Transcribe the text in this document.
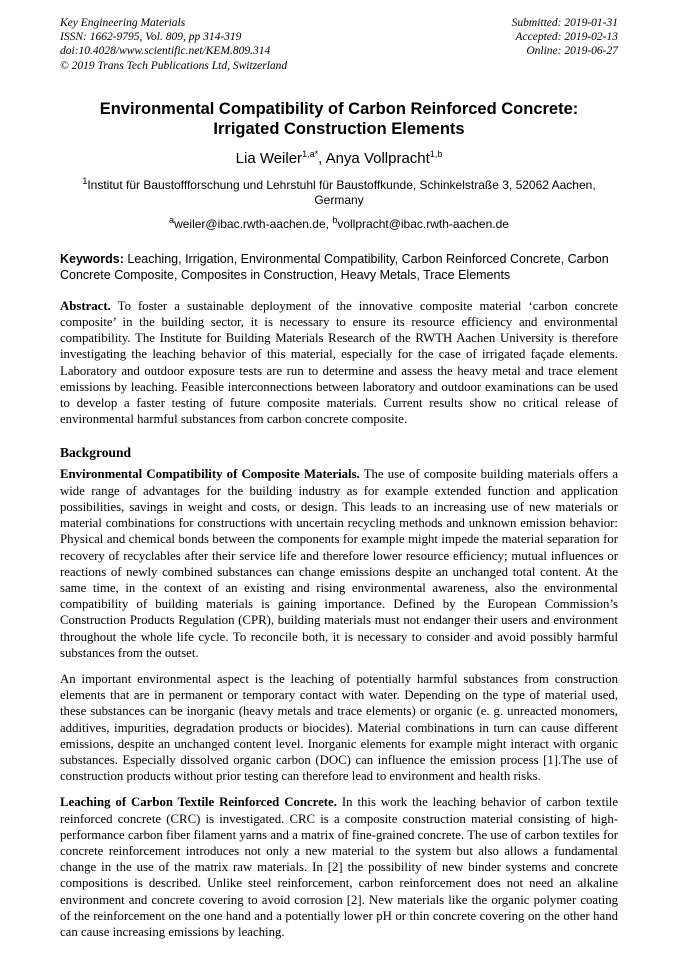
Key Engineering Materials
ISSN: 1662-9795, Vol. 809, pp 314-319
doi:10.4028/www.scientific.net/KEM.809.314
© 2019 Trans Tech Publications Ltd, Switzerland
Submitted: 2019-01-31
Accepted: 2019-02-13
Online: 2019-06-27
Environmental Compatibility of Carbon Reinforced Concrete:
Irrigated Construction Elements
Lia Weiler$^{1,a*}$, Anya Vollpracht$^{1,b}$
$^1$Institut für Baustoffforschung und Lehrstuhl für Baustoffkunde, Schinkelstraße 3, 52062 Aachen, Germany
$^a$weiler@ibac.rwth-aachen.de, $^b$vollpracht@ibac.rwth-aachen.de

Keywords: Leaching, Irrigation, Environmental Compatibility, Carbon Reinforced Concrete, Carbon Concrete Composite, Composites in Construction, Heavy Metals, Trace Elements

Abstract. To foster a sustainable deployment of the innovative composite material ‘carbon concrete composite’ in the building sector, it is necessary to ensure its resource efficiency and environmental compatibility. The Institute for Building Materials Research of the RWTH Aachen University is therefore investigating the leaching behavior of this material, especially for the case of irrigated façade elements. Laboratory and outdoor exposure tests are run to determine and assess the heavy metal and trace element emissions by leaching. Feasible interconnections between laboratory and outdoor examinations can be used to develop a faster testing of future composite materials. Current results show no critical release of environmental harmful substances from carbon concrete composite.

Background

Environmental Compatibility of Composite Materials. The use of composite building materials offers a wide range of advantages for the building industry as for example extended function and application possibilities, savings in weight and costs, or design. This leads to an increasing use of new materials or material combinations for constructions with uncertain recycling methods and unknown emission behavior: Physical and chemical bonds between the components for example might impede the material separation for recovery of recyclables after their service life and therefore lower resource efficiency; mutual influences or reactions of newly combined substances can change emissions despite an unchanged total content. At the same time, in the context of an existing and rising environmental awareness, also the environmental compatibility of building materials is gaining importance. Defined by the European Commission’s Construction Products Regulation (CPR), building materials must not endanger their users and environment throughout the whole life cycle. To reconcile both, it is necessary to consider and avoid possibly harmful substances from the outset.

An important environmental aspect is the leaching of potentially harmful substances from construction elements that are in permanent or temporary contact with water. Depending on the type of material used, these substances can be inorganic (heavy metals and trace elements) or organic (e. g. unreacted monomers, additives, impurities, degradation products or biocides). Material combinations in turn can cause different emissions, despite an unchanged content level. Inorganic elements for example might interact with organic substances. Especially dissolved organic carbon (DOC) can influence the emission process [1].The use of construction products without prior testing can therefore lead to environment and health risks.

Leaching of Carbon Textile Reinforced Concrete. In this work the leaching behavior of carbon textile reinforced concrete (CRC) is investigated. CRC is a composite construction material consisting of high-performance carbon fiber filament yarns and a matrix of fine-grained concrete. The use of carbon textiles for concrete reinforcement introduces not only a new material to the system but also allows a fundamental change in the use of the matrix raw materials. In [2] the possibility of new binder systems and concrete compositions is described. Unlike steel reinforcement, carbon reinforcement does not need an alkaline environment and concrete covering to avoid corrosion [2]. New materials like the organic polymer coating of the reinforcement on the one hand and a potentially lower pH or thin concrete covering on the other hand can cause increasing emissions by leaching.
